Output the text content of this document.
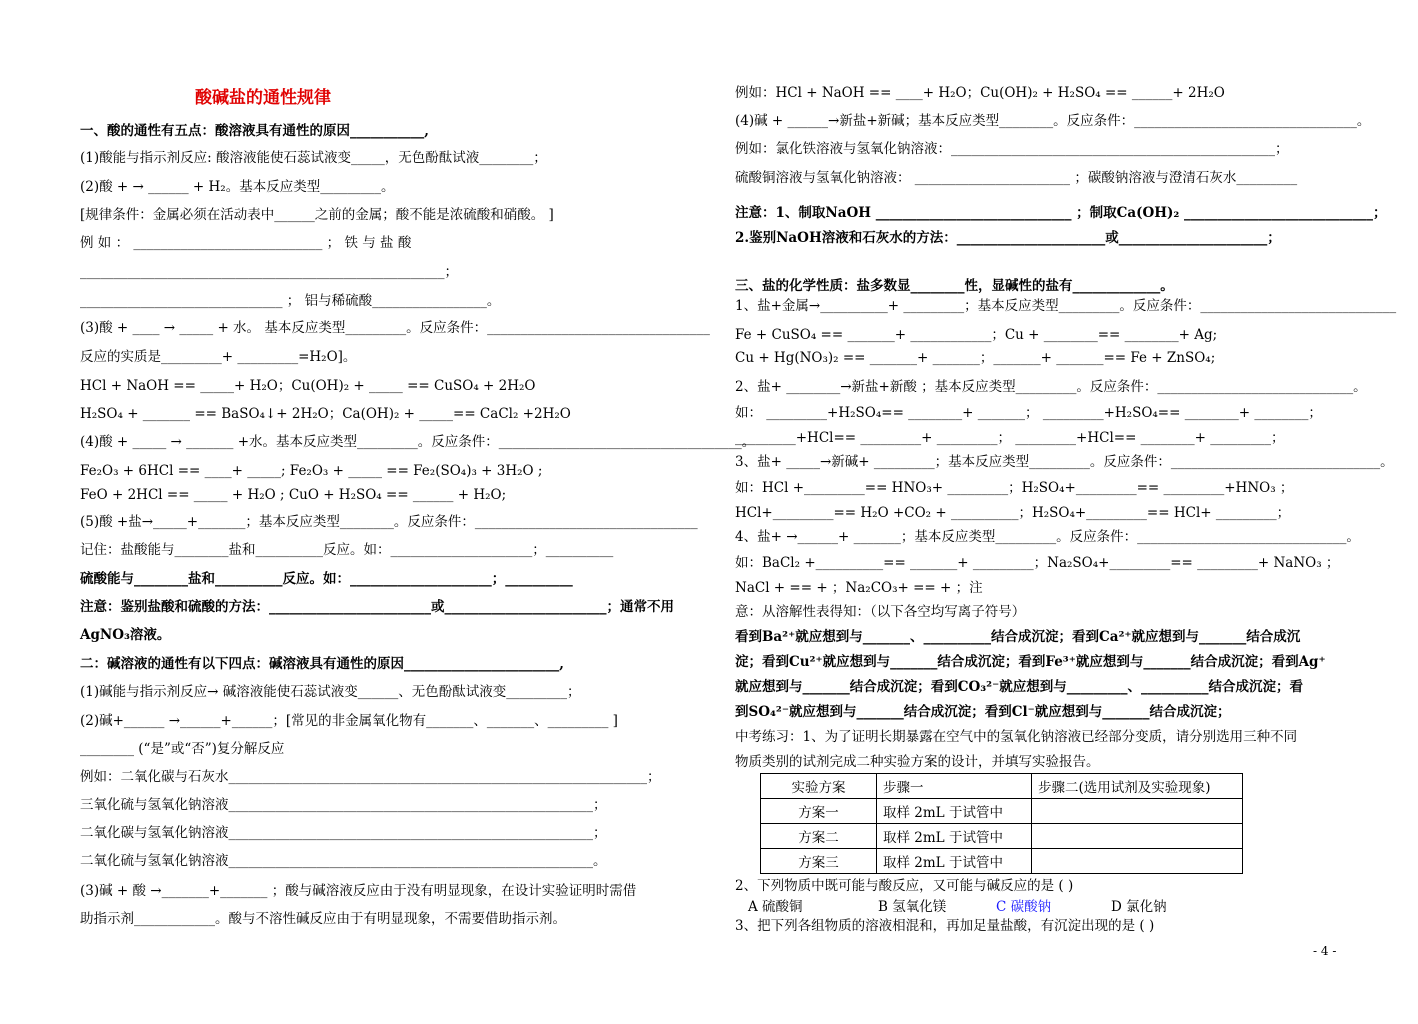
酸碱盐的通性规律
一、酸的通性有五点：酸溶液具有通性的原因___________,
(1)酸能与指示剂反应: 酸溶液能使石蕊试液变_____，无色酚酞试液________；
(2)酸 + → ______ + H₂。基本反应类型_________。
[规律条件：金属必须在活动表中______之前的金属；酸不能是浓硫酸和硝酸。 ]
例 如 ： ____________________________ ； 铁 与 盐 酸
______________________________________________________；
______________________________ ； 铝与稀硫酸_________________。
(3)酸 + ____ → _____ + 水。 基本反应类型_________。反应条件：_________________________________
反应的实质是_________+ _________=H₂O]。
HCl + NaOH == _____+ H₂O；Cu(OH)₂ + _____ == CuSO₄ + 2H₂O
H₂SO₄ + _______ == BaSO₄↓+ 2H₂O；Ca(OH)₂ + _____== CaCl₂ +2H₂O
(4)酸 + _____ → _______ +水。基本反应类型_________。反应条件：____________________________________。
Fe₂O₃ + 6HCl == ____+ _____; Fe₂O₃ + _____ == Fe₂(SO₄)₃ + 3H₂O ;
FeO + 2HCl == _____ + H₂O ; CuO + H₂SO₄ == ______ + H₂O;
(5)酸 +盐→_____+_______；基本反应类型________。反应条件：_________________________________
记住：盐酸能与________盐和__________反应。如：_____________________；__________
硫酸能与________盐和__________反应。如：_____________________；__________
注意：鉴别盐酸和硫酸的方法：________________________或________________________；通常不用
AgNO₃溶液。
二：碱溶液的通性有以下四点：碱溶液具有通性的原因_______________________,
(1)碱能与指示剂反应→ 碱溶液能使石蕊试液变______、无色酚酞试液变_________；
(2)碱+______ →______+______；[常见的非金属氧化物有_______、_______、_________ ]
________ (“是”或“否”)复分解反应
例如：二氧化碳与石灰水______________________________________________________________；
三氧化硫与氢氧化钠溶液______________________________________________________；
二氧化碳与氢氧化钠溶液______________________________________________________；
二氧化硫与氢氧化钠溶液______________________________________________________。
(3)碱 + 酸 →_______+_______ ；酸与碱溶液反应由于没有明显现象，在设计实验证明时需借
助指示剂____________。酸与不溶性碱反应由于有明显现象，不需要借助指示剂。
例如：HCl + NaOH == ____+ H₂O；Cu(OH)₂ + H₂SO₄ == ______+ 2H₂O
(4)碱 + ______→新盐+新碱；基本反应类型________。反应条件：_________________________________。
例如：氯化铁溶液与氢氧化钠溶液：________________________________________________；
硫酸铜溶液与氢氧化钠溶液： _______________________ ；碳酸钠溶液与澄清石灰水_________
注意：1、制取NaOH _____________________________ ；制取Ca(OH)₂ ____________________________；
2.鉴别NaOH溶液和石灰水的方法：______________________或______________________；
三、盐的化学性质：盐多数显________性，显碱性的盐有_____________。
1、盐+金属→__________+ _________；基本反应类型_________。反应条件：_____________________________
Fe + CuSO₄ == _______+ ____________；Cu + ________== ________+ Ag;
Cu + Hg(NO₃)₂ == _______+ _______；_______+ _______== Fe + ZnSO₄;
2、盐+ ________→新盐+新酸 ；基本反应类型_________。反应条件：_____________________________。
如： _________+H₂SO₄== ________+ _______； _________+H₂SO₄== ________+ ________；
_________+HCl== _________+ _________； _________+HCl== ________+ _________；
3、盐+ _____→新碱+ _________；基本反应类型_________。反应条件：_______________________________。
如：HCl +_________== HNO₃+ _________；H₂SO₄+_________== _________+HNO₃ ；
HCl+_________== H₂O +CO₂ + __________；H₂SO₄+_________== HCl+ _________；
4、盐+ →______+ _______；基本反应类型_________。反应条件：_______________________________。
如：BaCl₂ +__________== _______+ _________；Na₂SO₄+_________== _________+ NaNO₃ ；
NaCl + == + ；Na₂CO₃+ == + ；注
意：从溶解性表得知：（以下各空均写离子符号）
看到Ba²⁺就应想到与_______、__________结合成沉淀；看到Ca²⁺就应想到与_______结合成沉
淀；看到Cu²⁺就应想到与_______结合成沉淀；看到Fe³⁺就应想到与_______结合成沉淀；看到Ag⁺
就应想到与_______结合成沉淀；看到CO₃²⁻就应想到与_________、__________结合成沉淀；看
到SO₄²⁻就应想到与_______结合成沉淀；看到Cl⁻就应想到与_______结合成沉淀；
中考练习：1、为了证明长期暴露在空气中的氢氧化钠溶液已经部分变质，请分别选用三种不同
物质类别的试剂完成二种实验方案的设计，并填写实验报告。
实验方案	步骤一	步骤二(选用试剂及实验现象)
方案一	取样 2mL 于试管中	
方案二	取样 2mL 于试管中	
方案三	取样 2mL 于试管中	
2、下列物质中既可能与酸反应，又可能与碱反应的是 ( )
A 硫酸铜	B 氢氧化镁	C 碳酸钠	D 氯化钠
3、把下列各组物质的溶液相混和，再加足量盐酸，有沉淀出现的是 ( )
- 4 -
